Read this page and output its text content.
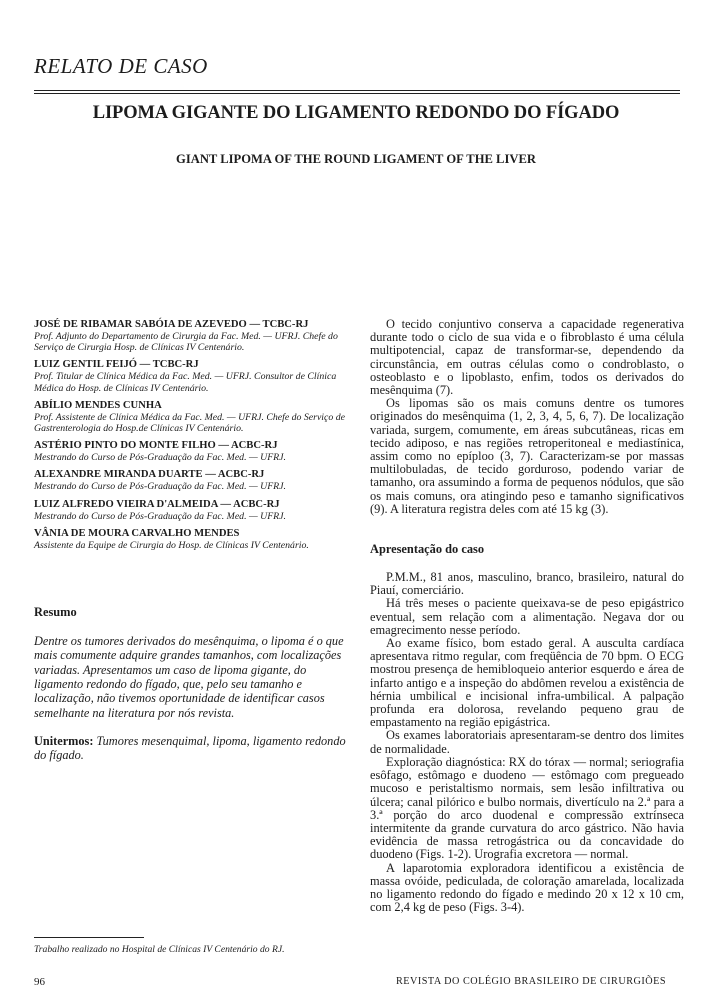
RELATO DE CASO
LIPOMA GIGANTE DO LIGAMENTO REDONDO DO FÍGADO
GIANT LIPOMA OF THE ROUND LIGAMENT OF THE LIVER
JOSÉ DE RIBAMAR SABÓIA DE AZEVEDO — TCBC-RJ
Prof. Adjunto do Departamento de Cirurgia da Fac. Med. — UFRJ. Chefe do Serviço de Cirurgia Hosp. de Clínicas IV Centenário.
LUIZ GENTIL FEIJÓ — TCBC-RJ
Prof. Titular de Clínica Médica da Fac. Med. — UFRJ. Consultor de Clínica Médica do Hosp. de Clínicas IV Centenário.
ABÍLIO MENDES CUNHA
Prof. Assistente de Clínica Médica da Fac. Med. — UFRJ. Chefe do Serviço de Gastrenterologia do Hosp.de Clínicas IV Centenário.
ASTÉRIO PINTO DO MONTE FILHO — ACBC-RJ
Mestrando do Curso de Pós-Graduação da Fac. Med. — UFRJ.
ALEXANDRE MIRANDA DUARTE — ACBC-RJ
Mestrando do Curso de Pós-Graduação da Fac. Med. — UFRJ.
LUIZ ALFREDO VIEIRA D'ALMEIDA — ACBC-RJ
Mestrando do Curso de Pós-Graduação da Fac. Med. — UFRJ.
VÂNIA DE MOURA CARVALHO MENDES
Assistente da Equipe de Cirurgia do Hosp. de Clínicas IV Centenário.
Resumo

Dentre os tumores derivados do mesênquima, o lipoma é o que mais comumente adquire grandes tamanhos, com localizações variadas. Apresentamos um caso de lipoma gigante, do ligamento redondo do fígado, que, pelo seu tamanho e localização, não tivemos oportunidade de identificar casos semelhante na literatura por nós revista.

Unitermos: Tumores mesenquimal, lipoma, ligamento redondo do fígado.

O tecido conjuntivo conserva a capacidade regenerativa durante todo o ciclo de sua vida e o fibroblasto é uma célula multipotencial, capaz de transformar-se, dependendo da circunstância, em outras células como o condroblasto, o osteoblasto e o lipoblasto, enfim, todos os derivados do mesênquima (7).

Os lipomas são os mais comuns dentre os tumores originados do mesênquima (1, 2, 3, 4, 5, 6, 7). De localização variada, surgem, comumente, em áreas subcutâneas, ricas em tecido adiposo, e nas regiões retroperitoneal e mediastínica, assim como no epíploo (3, 7). Caracterizam-se por massas multilobuladas, de tecido gorduroso, podendo variar de tamanho, ora assumindo a forma de pequenos nódulos, que são os mais comuns, ora atingindo peso e tamanho significativos (9). A literatura registra deles com até 15 kg (3).

Apresentação do caso

P.M.M., 81 anos, masculino, branco, brasileiro, natural do Piauí, comerciário.

Há três meses o paciente queixava-se de peso epigástrico eventual, sem relação com a alimentação. Negava dor ou emagrecimento nesse período.

Ao exame físico, bom estado geral. A ausculta cardíaca apresentava ritmo regular, com freqüência de 70 bpm. O ECG mostrou presença de hemibloqueio anterior esquerdo e área de infarto antigo e a inspeção do abdômen revelou a existência de hérnia umbilical e incisional infra-umbilical. A palpação profunda era dolorosa, revelando pequeno grau de empastamento na região epigástrica.

Os exames laboratoriais apresentaram-se dentro dos limites de normalidade.

Exploração diagnóstica: RX do tórax — normal; seriografia esôfago, estômago e duodeno — estômago com pregueado mucoso e peristaltismo normais, sem lesão infiltrativa ou úlcera; canal pilórico e bulbo normais, divertículo na 2.ª para a 3.ª porção do arco duodenal e compressão extrínseca intermitente da grande curvatura do arco gástrico. Não havia evidência de massa retrogástrica ou da concavidade do duodeno (Figs. 1-2). Urografia excretora — normal.

A laparotomia exploradora identificou a existência de massa ovóide, pediculada, de coloração amarelada, localizada no ligamento redondo do fígado e medindo 20 x 12 x 10 cm, com 2,4 kg de peso (Figs. 3-4).

Trabalho realizado no Hospital de Clínicas IV Centenário do RJ.
96	REVISTA DO COLÉGIO BRASILEIRO DE CIRURGIÕES
